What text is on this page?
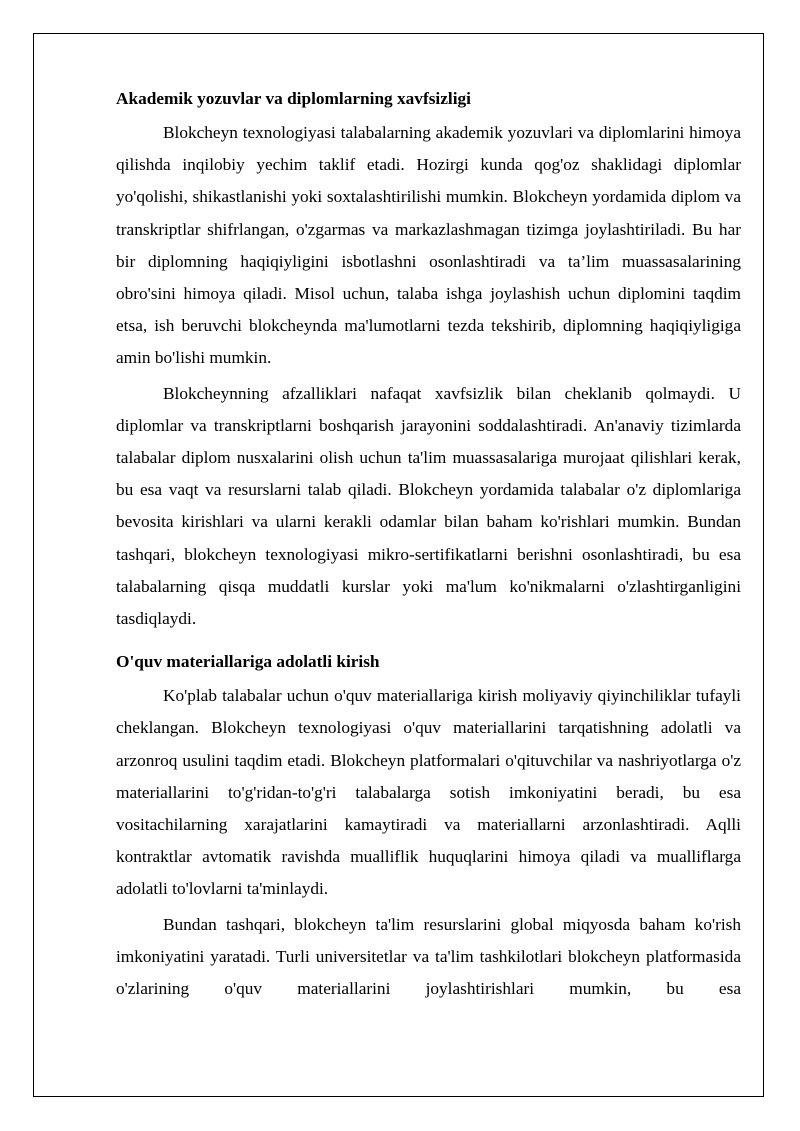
Akademik yozuvlar va diplomlarning xavfsizligi

Blokcheyn texnologiyasi talabalarning akademik yozuvlari va diplomlarini himoya qilishda inqilobiy yechim taklif etadi. Hozirgi kunda qog'oz shaklidagi diplomlar yo'qolishi, shikastlanishi yoki soxtalashtirilishi mumkin. Blokcheyn yordamida diplom va transkriptlar shifrlangan, o'zgarmas va markazlashmagan tizimga joylashtiriladi. Bu har bir diplomning haqiqiyligini isbotlashni osonlashtiradi va ta’lim muassasalarining obro'sini himoya qiladi. Misol uchun, talaba ishga joylashish uchun diplomini taqdim etsa, ish beruvchi blokcheynda ma'lumotlarni tezda tekshirib, diplomning haqiqiyligiga amin bo'lishi mumkin.

Blokcheynning afzalliklari nafaqat xavfsizlik bilan cheklanib qolmaydi. U diplomlar va transkriptlarni boshqarish jarayonini soddalashtiradi. An'anaviy tizimlarda talabalar diplom nusxalarini olish uchun ta'lim muassasalariga murojaat qilishlari kerak, bu esa vaqt va resurslarni talab qiladi. Blokcheyn yordamida talabalar o'z diplomlariga bevosita kirishlari va ularni kerakli odamlar bilan baham ko'rishlari mumkin. Bundan tashqari, blokcheyn texnologiyasi mikro-sertifikatlarni berishni osonlashtiradi, bu esa talabalarning qisqa muddatli kurslar yoki ma'lum ko'nikmalarni o'zlashtirganligini tasdiqlaydi.

O'quv materiallariga adolatli kirish

Ko'plab talabalar uchun o'quv materiallariga kirish moliyaviy qiyinchiliklar tufayli cheklangan. Blokcheyn texnologiyasi o'quv materiallarini tarqatishning adolatli va arzonroq usulini taqdim etadi. Blokcheyn platformalari o'qituvchilar va nashriyotlarga o'z materiallarini to'g'ridan-to'g'ri talabalarga sotish imkoniyatini beradi, bu esa vositachilarning xarajatlarini kamaytiradi va materiallarni arzonlashtiradi. Aqlli kontraktlar avtomatik ravishda mualliflik huquqlarini himoya qiladi va mualliflarga adolatli to'lovlarni ta'minlaydi.

Bundan tashqari, blokcheyn ta'lim resurslarini global miqyosda baham ko'rish imkoniyatini yaratadi. Turli universitetlar va ta'lim tashkilotlari blokcheyn platformasida o'zlarining o'quv materiallarini joylashtirishlari mumkin, bu esa
